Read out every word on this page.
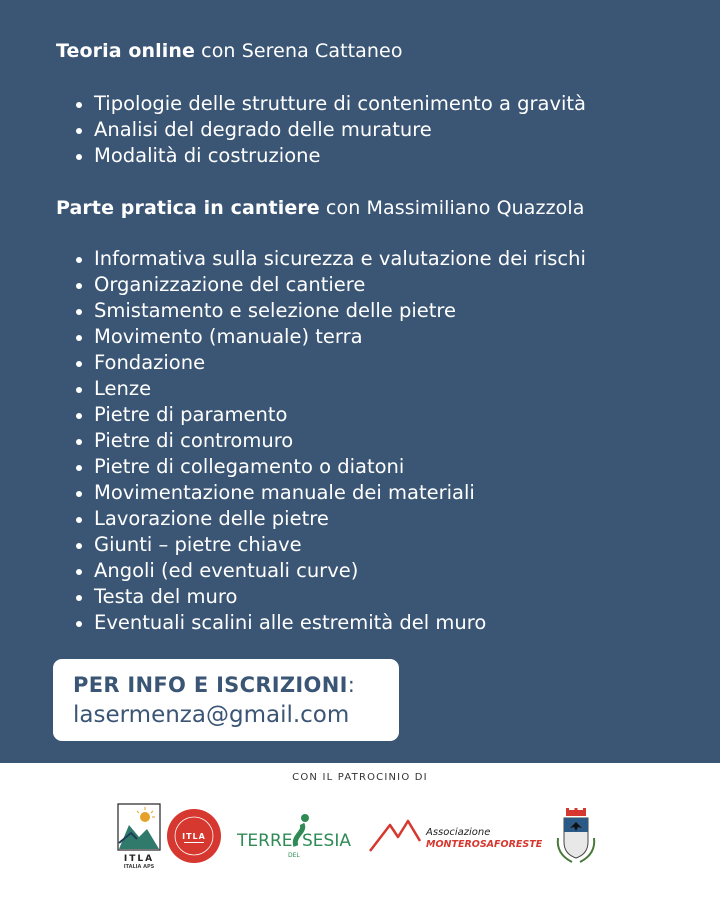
Teoria online con Serena Cattaneo
Tipologie delle strutture di contenimento a gravità
Analisi del degrado delle murature
Modalità di costruzione
Parte pratica in cantiere con Massimiliano Quazzola
Informativa sulla sicurezza e valutazione dei rischi
Organizzazione del cantiere
Smistamento e selezione delle pietre
Movimento (manuale) terra
Fondazione
Lenze
Pietre di paramento
Pietre di contromuro
Pietre di collegamento o diatoni
Movimentazione manuale dei materiali
Lavorazione delle pietre
Giunti – pietre chiave
Angoli (ed eventuali curve)
Testa del muro
Eventuali scalini alle estremità del muro
PER INFO E ISCRIZIONI:
lasermenza@gmail.com
CON IL PATROCINIO DI
ITLA
ITALIA APS
ITLA TERRE
DEL
SESIA	Associazione
MONTEROSAFORESTE
